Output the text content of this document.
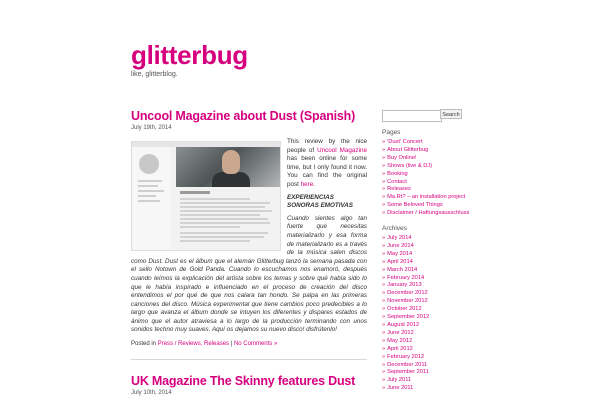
glitterbug

like, glitterblog.

Uncool Magazine about Dust (Spanish)

July 19th, 2014

This review by the nice people of Uncool Magazine has been online for some time, but I only found it now. You can find the original post here.

EXPERIENCIAS SONORAS EMOTIVAS

Cuando sientes algo tan fuerte que necesitas materializarlo y esa forma de materializarlo es a través de la música salen discos como Dust. Dust es el álbum que el alemán Glitterbug lanzó la semana pasada con el sello Notown de Gold Panda. Cuando lo escuchamos nos enamoró, después cuando leímos la explicación del artista sobre los temas y sobre qué había sido lo que le había inspirado e influenciado en el proceso de creación del disco entendimos el por qué de que nos calara tan hondo. Se palpa en las primeras canciones del disco. Música experimental que tiene cambios poco predecibles a lo largo que avanza el álbum donde se intuyen los diferentes y dispares estados de ánimo que el autor atraviesa a lo largo de la producción terminando con unos sonidos techno muy suaves. Aquí os dejamos su nuevo disco! disfrútenlo!

Posted in Press / Reviews, Releases | No Comments »

UK Magazine The Skinny features Dust

July 10th, 2014

Search
Pages
» 'Dust' Concert
» About Glitterbug
» Buy Online!
» Shows (live & DJ)
» Booking
» Contact
» Releases
» Ma.Rt? – an installation project
» Some Beloved Things
» Disclaimer / Haftungsausschluss
Archives
» July 2014
» June 2014
» May 2014
» April 2014
» March 2014
» February 2014
» January 2013
» December 2012
» November 2012
» October 2012
» September 2012
» August 2012
» June 2012
» May 2012
» April 2012
» February 2012
» December 2011
» September 2011
» July 2011
» June 2011
